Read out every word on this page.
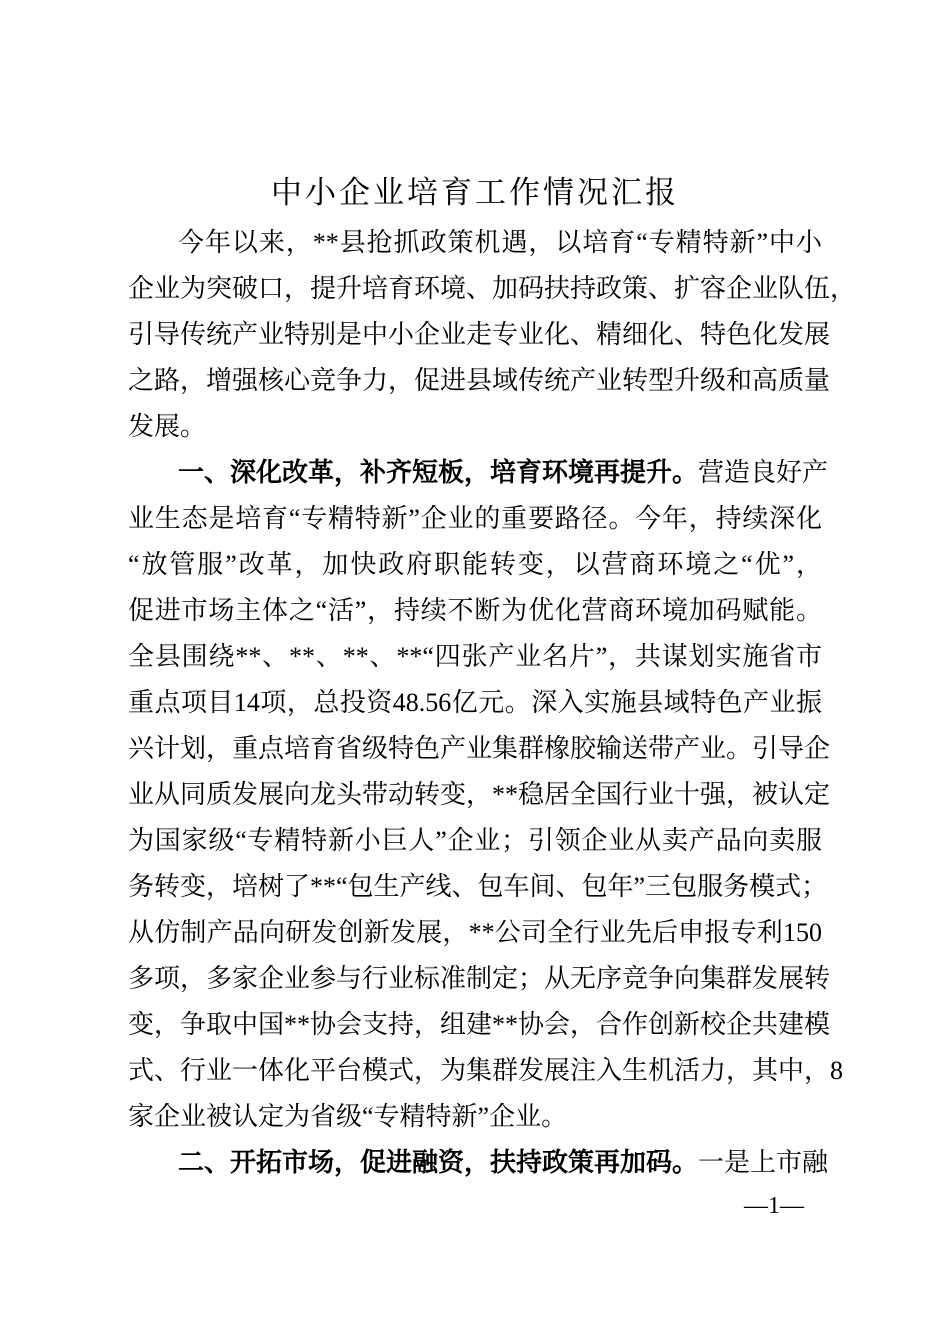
中小企业培育工作情况汇报
今年以来，**县抢抓政策机遇，以培育“专精特新”中小
企业为突破口，提升培育环境、加码扶持政策、扩容企业队伍，
引导传统产业特别是中小企业走专业化、精细化、特色化发展
之路，增强核心竞争力，促进县域传统产业转型升级和高质量
发展。
一、深化改革，补齐短板，培育环境再提升。营造良好产
业生态是培育“专精特新”企业的重要路径。今年，持续深化
“放管服”改革，加快政府职能转变，以营商环境之“优”，
促进市场主体之“活”，持续不断为优化营商环境加码赋能。
全县围绕**、**、**、**“四张产业名片”，共谋划实施省市
重点项目14项，总投资48.56亿元。深入实施县域特色产业振
兴计划，重点培育省级特色产业集群橡胶输送带产业。引导企
业从同质发展向龙头带动转变，**稳居全国行业十强，被认定
为国家级“专精特新小巨人”企业；引领企业从卖产品向卖服
务转变，培树了**“包生产线、包车间、包年”三包服务模式；
从仿制产品向研发创新发展，**公司全行业先后申报专利150
多项，多家企业参与行业标准制定；从无序竞争向集群发展转
变，争取中国**协会支持，组建**协会，合作创新校企共建模
式、行业一体化平台模式，为集群发展注入生机活力，其中，8
家企业被认定为省级“专精特新”企业。
二、开拓市场，促进融资，扶持政策再加码。一是上市融
—1—
